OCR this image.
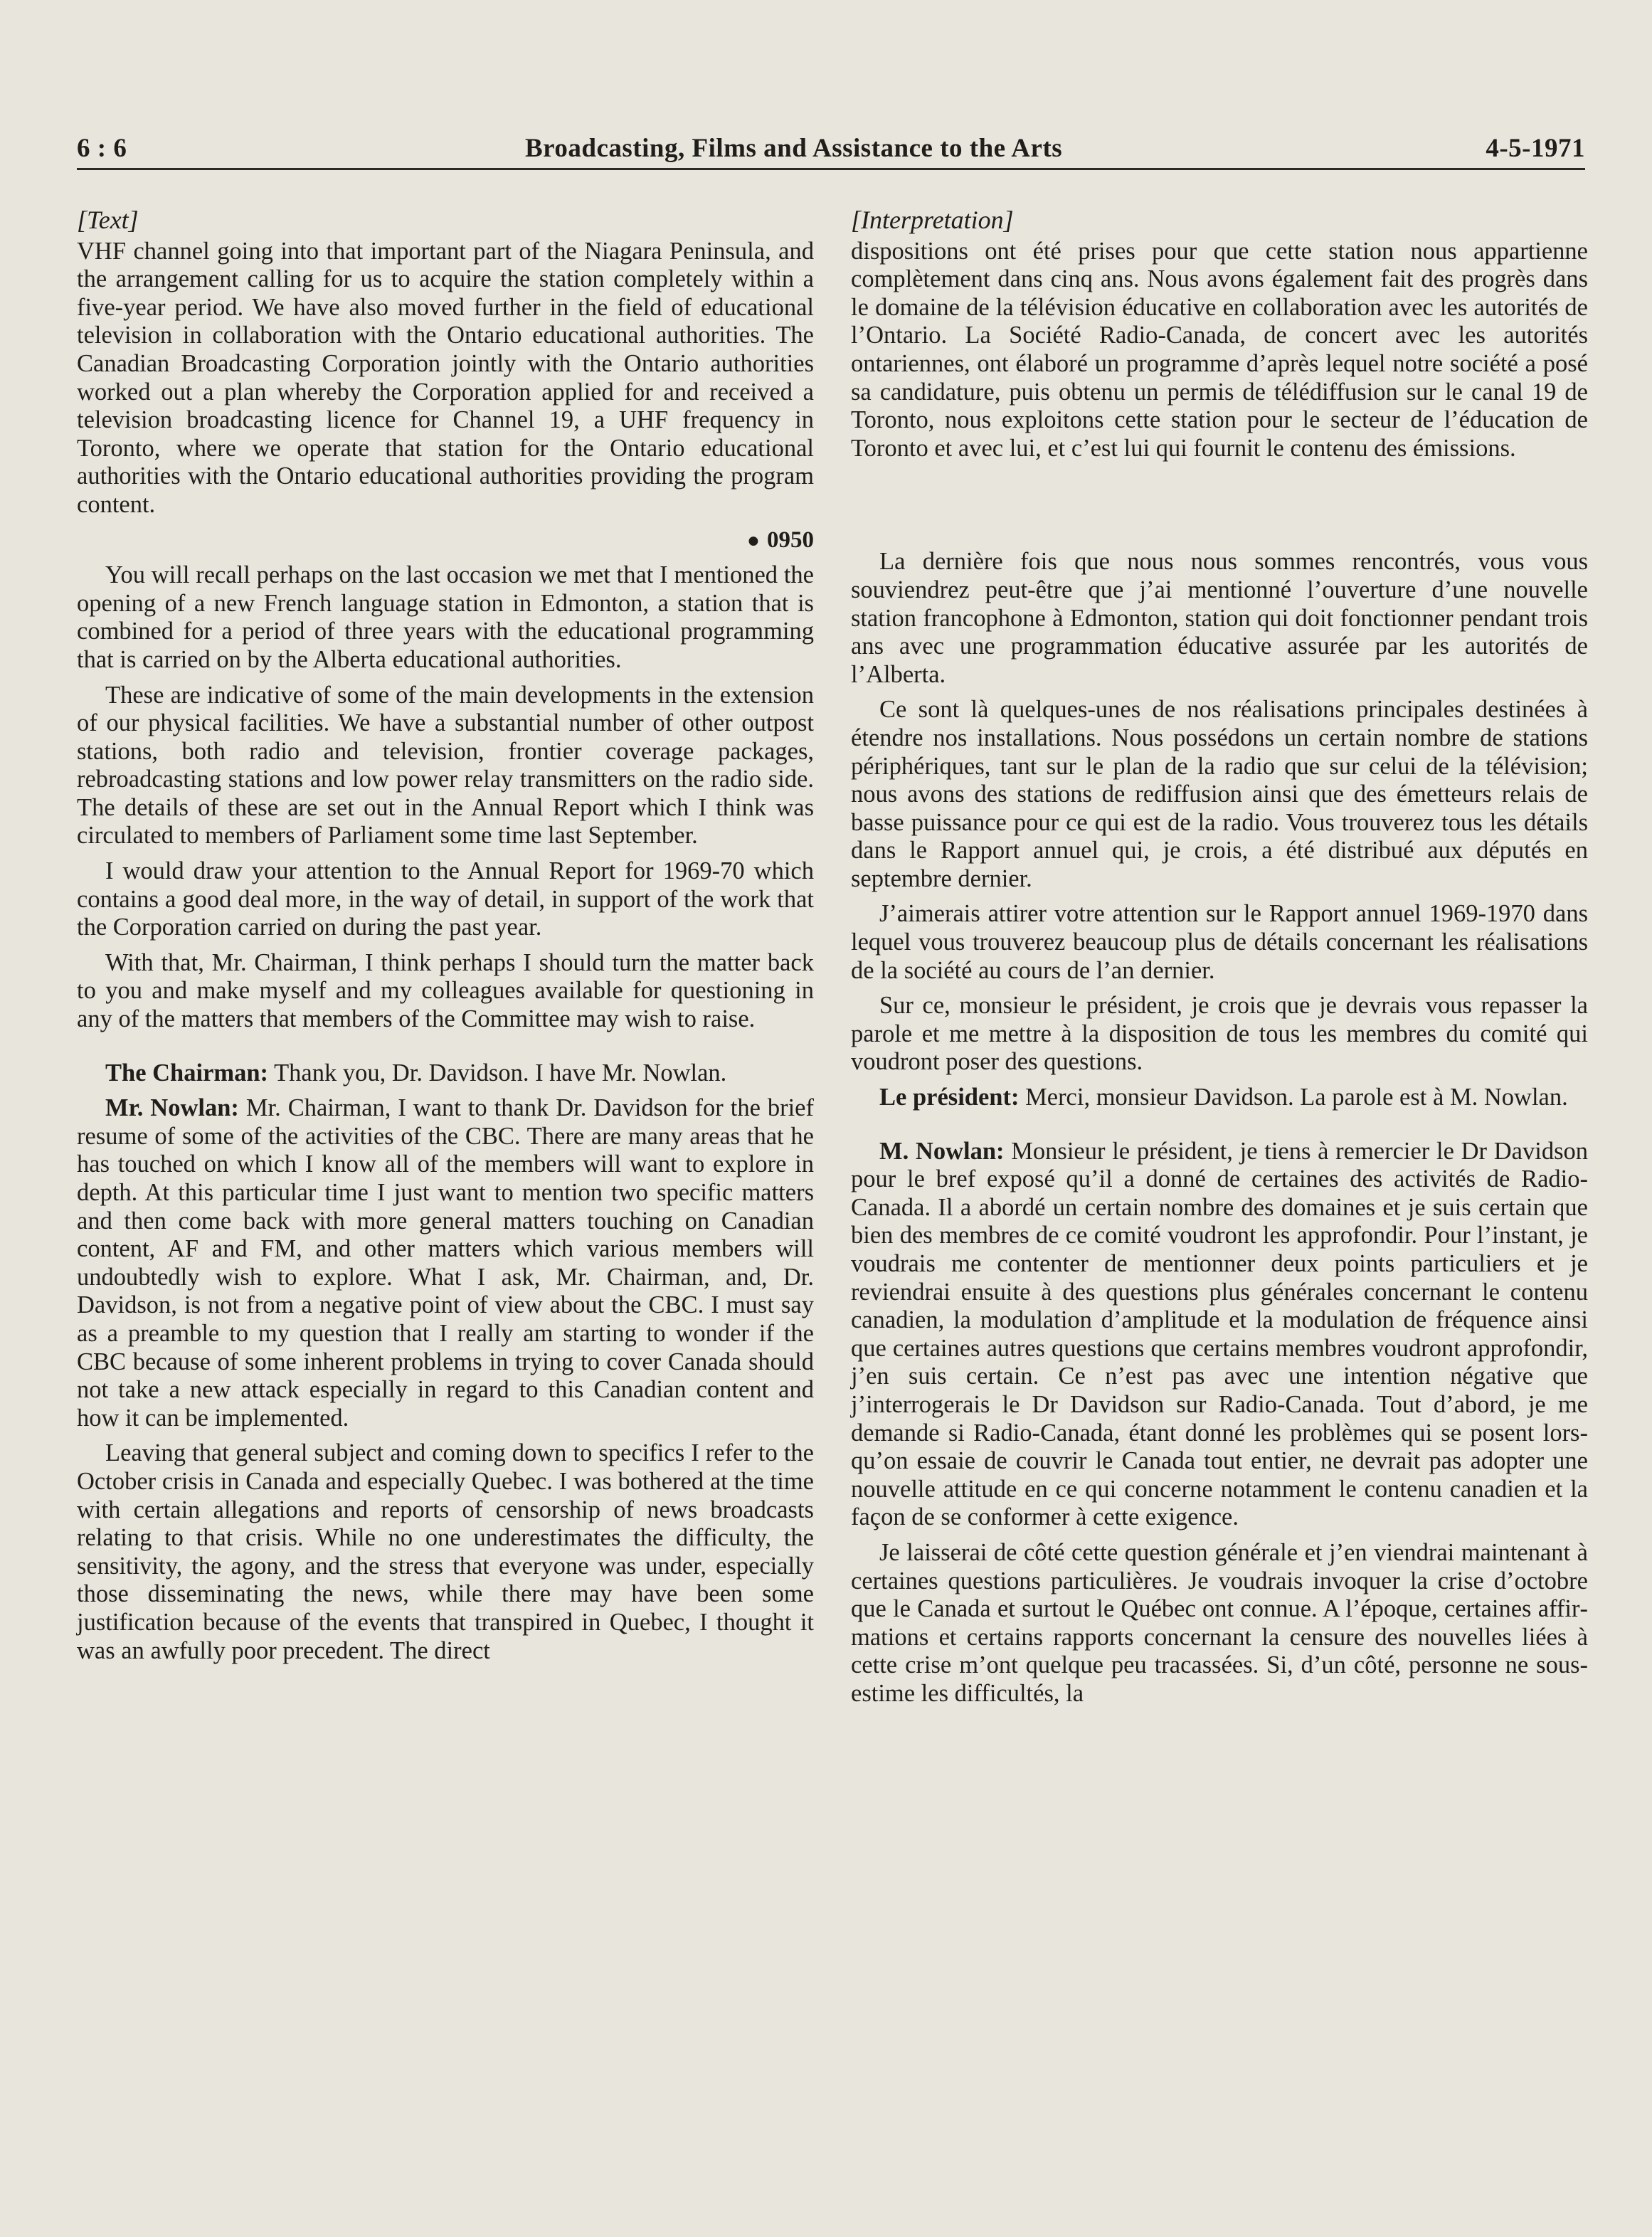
6 : 6	Broadcasting, Films and Assistance to the Arts	4-5-1971

[Text]

VHF channel going into that important part of the Niagara Peninsula, and the arrangement calling for us to acquire the station completely within a five-year period. We have also moved further in the field of educational television in collaboration with the Ontario educational authorities. The Canadian Broadcasting Corporation jointly with the Ontario authorities worked out a plan whereby the Corporation applied for and received a television broadcasting licence for Channel 19, a UHF frequency in Toronto, where we operate that station for the Ontario educational authorities with the Ontario educational authorities providing the program content.

● 0950

You will recall perhaps on the last occasion we met that I mentioned the opening of a new French language station in Edmonton, a station that is combined for a period of three years with the educational programming that is carried on by the Alberta educational authorities.

These are indicative of some of the main developments in the extension of our physical facilities. We have a substantial number of other outpost stations, both radio and television, frontier coverage packages, rebroadcasting stations and low power relay transmitters on the radio side. The details of these are set out in the Annual Report which I think was circulated to members of Parliament some time last September.

I would draw your attention to the Annual Report for 1969-70 which contains a good deal more, in the way of detail, in support of the work that the Corporation carried on during the past year.

With that, Mr. Chairman, I think perhaps I should turn the matter back to you and make myself and my colleagues available for questioning in any of the matters that members of the Committee may wish to raise.

The Chairman: Thank you, Dr. Davidson. I have Mr. Nowlan.

Mr. Nowlan: Mr. Chairman, I want to thank Dr. Davidson for the brief resume of some of the activities of the CBC. There are many areas that he has touched on which I know all of the members will want to explore in depth. At this particular time I just want to mention two specific matters and then come back with more general matters touching on Canadian content, AF and FM, and other matters which various members will undoubtedly wish to explore. What I ask, Mr. Chairman, and, Dr. Davidson, is not from a negative point of view about the CBC. I must say as a preamble to my question that I really am starting to wonder if the CBC because of some inherent problems in trying to cover Canada should not take a new attack especially in regard to this Canadian content and how it can be implemented.

Leaving that general subject and coming down to specifics I refer to the October crisis in Canada and especially Quebec. I was bothered at the time with certain allegations and reports of censorship of news broadcasts relating to that crisis. While no one underestimates the difficulty, the sensitivity, the agony, and the stress that everyone was under, especially those disseminating the news, while there may have been some justification because of the events that transpired in Quebec, I thought it was an awfully poor precedent. The direct

[Interpretation]

dispositions ont été prises pour que cette station nous appartienne complètement dans cinq ans. Nous avons également fait des progrès dans le domaine de la télévision éducative en collaboration avec les autorités de l’Ontario. La Société Radio-Canada, de concert avec les autorités ontariennes, ont élaboré un programme d’après lequel notre société a posé sa candidature, puis obtenu un permis de télédiffusion sur le canal 19 de Toronto, nous exploitons cette station pour le secteur de l’éducation de Toronto et avec lui, et c’est lui qui fournit le contenu des émissions.

La dernière fois que nous nous sommes rencontrés, vous vous souviendrez peut-être que j’ai mentionné l’ouverture d’une nouvelle station francophone à Edmonton, station qui doit fonctionner pendant trois ans avec une programmation éducative assurée par les autorités de l’Alberta.

Ce sont là quelques-unes de nos réalisations principales destinées à étendre nos installations. Nous possédons un certain nombre de stations périphériques, tant sur le plan de la radio que sur celui de la télévision; nous avons des stations de rediffusion ainsi que des émetteurs relais de basse puissance pour ce qui est de la radio. Vous trouverez tous les détails dans le Rapport annuel qui, je crois, a été distribué aux députés en septembre dernier.

J’aimerais attirer votre attention sur le Rapport annuel 1969-1970 dans lequel vous trouverez beaucoup plus de détails concernant les réalisations de la société au cours de l’an dernier.

Sur ce, monsieur le président, je crois que je devrais vous repasser la parole et me mettre à la disposition de tous les membres du comité qui voudront poser des questions.

Le président: Merci, monsieur Davidson. La parole est à M. Nowlan.

M. Nowlan: Monsieur le président, je tiens à remercier le Dr Davidson pour le bref exposé qu’il a donné de certaines des activités de Radio-Canada. Il a abordé un certain nombre des domaines et je suis certain que bien des membres de ce comité voudront les approfondir. Pour l’instant, je voudrais me contenter de mentionner deux points particuliers et je reviendrai ensuite à des questions plus générales concernant le contenu canadien, la modulation d’amplitude et la modulation de fréquence ainsi que certaines autres questions que certains membres voudront approfondir, j’en suis certain. Ce n’est pas avec une intention négative que j’interrogerais le Dr Davidson sur Radio-Canada. Tout d’abord, je me demande si Radio-Canada, étant donné les problèmes qui se posent lorsqu’on essaie de couvrir le Canada tout entier, ne devrait pas adopter une nouvelle attitude en ce qui concerne notamment le contenu canadien et la façon de se conformer à cette exigence.

Je laisserai de côté cette question générale et j’en viendrai maintenant à certaines questions particulières. Je voudrais invoquer la crise d’octobre que le Canada et surtout le Québec ont connue. A l’époque, certaines affirmations et certains rapports concernant la censure des nouvelles liées à cette crise m’ont quelque peu tracassées. Si, d’un côté, personne ne sous-estime les difficultés, la
